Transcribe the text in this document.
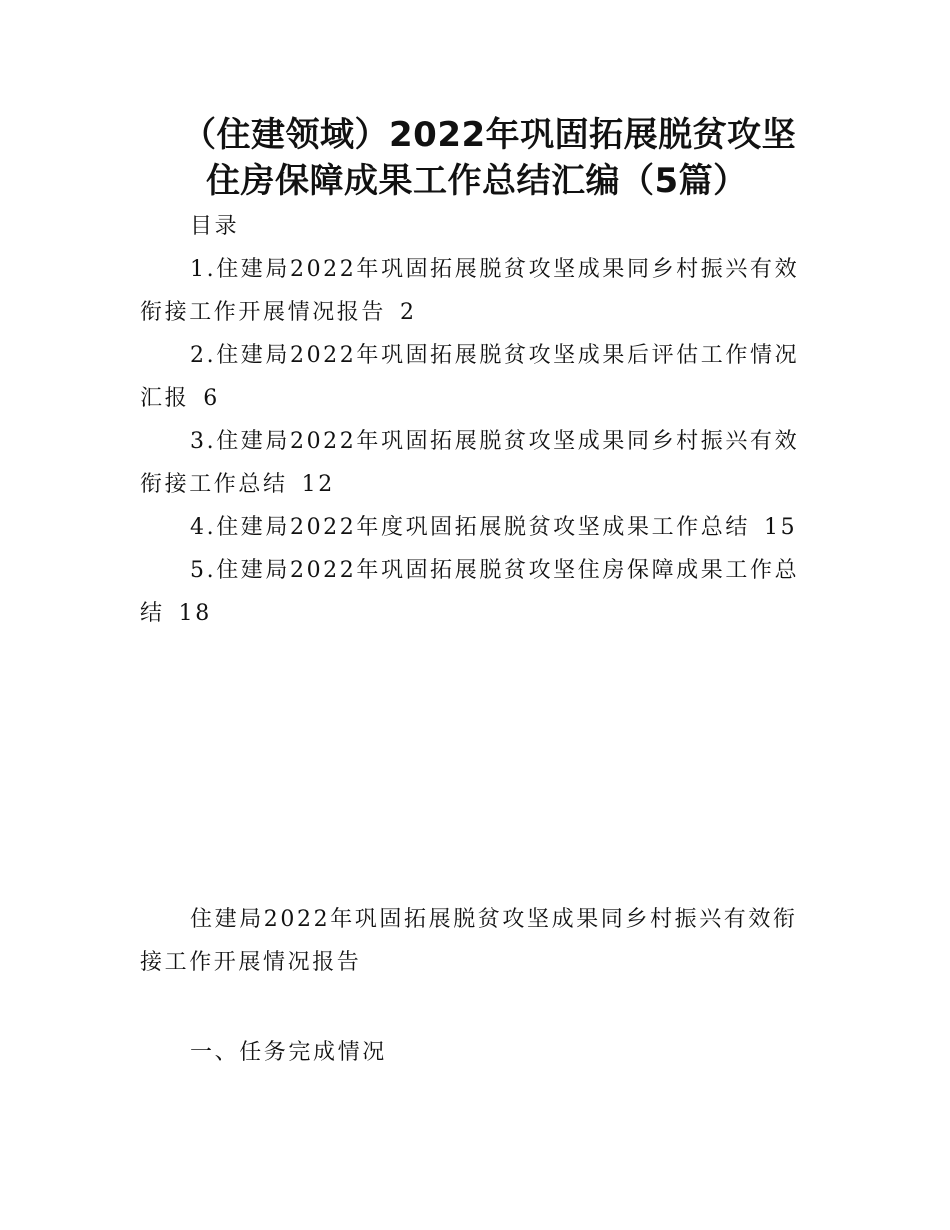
（住建领域）2022年巩固拓展脱贫攻坚
住房保障成果工作总结汇编（5篇）

目录

1.住建局2022年巩固拓展脱贫攻坚成果同乡村振兴有效衔接工作开展情况报告 2

2.住建局2022年巩固拓展脱贫攻坚成果后评估工作情况汇报 6

3.住建局2022年巩固拓展脱贫攻坚成果同乡村振兴有效衔接工作总结 12

4.住建局2022年度巩固拓展脱贫攻坚成果工作总结 15

5.住建局2022年巩固拓展脱贫攻坚住房保障成果工作总结 18

住建局2022年巩固拓展脱贫攻坚成果同乡村振兴有效衔接工作开展情况报告

一、任务完成情况
